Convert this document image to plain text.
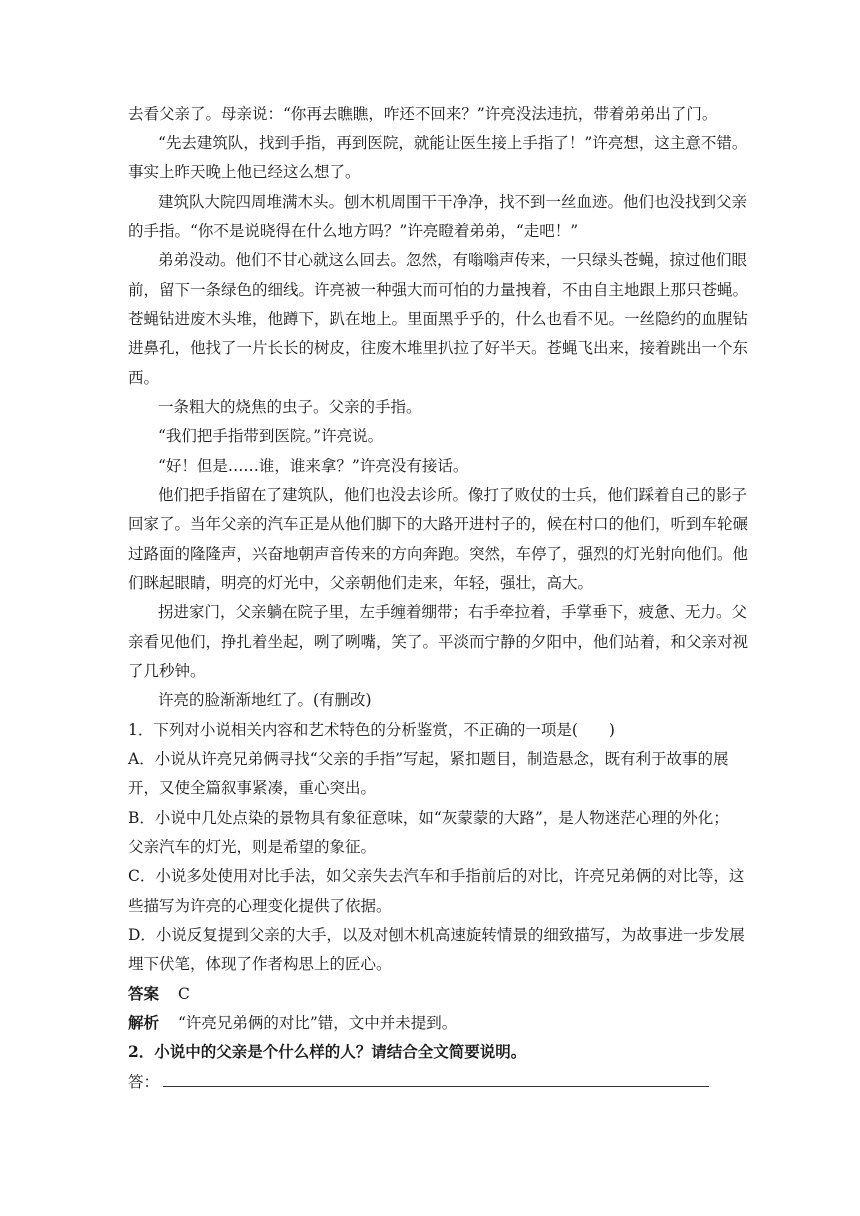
去看父亲了。母亲说：“你再去瞧瞧，咋还不回来？”许亮没法违抗，带着弟弟出了门。
“先去建筑队，找到手指，再到医院，就能让医生接上手指了！”许亮想，这主意不错。
事实上昨天晚上他已经这么想了。
建筑队大院四周堆满木头。刨木机周围干干净净，找不到一丝血迹。他们也没找到父亲
的手指。“你不是说晓得在什么地方吗？”许亮瞪着弟弟，“走吧！”
弟弟没动。他们不甘心就这么回去。忽然，有嗡嗡声传来，一只绿头苍蝇，掠过他们眼
前，留下一条绿色的细线。许亮被一种强大而可怕的力量拽着，不由自主地跟上那只苍蝇。
苍蝇钻进废木头堆，他蹲下，趴在地上。里面黑乎乎的，什么也看不见。一丝隐约的血腥钻
进鼻孔，他找了一片长长的树皮，往废木堆里扒拉了好半天。苍蝇飞出来，接着跳出一个东
西。
一条粗大的烧焦的虫子。父亲的手指。
“我们把手指带到医院。”许亮说。
“好！但是……谁，谁来拿？”许亮没有接话。
他们把手指留在了建筑队，他们也没去诊所。像打了败仗的士兵，他们踩着自己的影子
回家了。当年父亲的汽车正是从他们脚下的大路开进村子的，候在村口的他们，听到车轮碾
过路面的隆隆声，兴奋地朝声音传来的方向奔跑。突然，车停了，强烈的灯光射向他们。他
们眯起眼睛，明亮的灯光中，父亲朝他们走来，年轻，强壮，高大。
拐进家门，父亲躺在院子里，左手缠着绷带；右手牵拉着，手掌垂下，疲惫、无力。父
亲看见他们，挣扎着坐起，咧了咧嘴，笑了。平淡而宁静的夕阳中，他们站着，和父亲对视
了几秒钟。
许亮的脸渐渐地红了。(有删改)
1．下列对小说相关内容和艺术特色的分析鉴赏，不正确的一项是(　　)
A．小说从许亮兄弟俩寻找“父亲的手指”写起，紧扣题目，制造悬念，既有利于故事的展
开，又使全篇叙事紧凑，重心突出。
B．小说中几处点染的景物具有象征意味，如“灰蒙蒙的大路”，是人物迷茫心理的外化；
父亲汽车的灯光，则是希望的象征。
C．小说多处使用对比手法，如父亲失去汽车和手指前后的对比，许亮兄弟俩的对比等，这
些描写为许亮的心理变化提供了依据。
D．小说反复提到父亲的大手，以及对刨木机高速旋转情景的细致描写，为故事进一步发展
埋下伏笔，体现了作者构思上的匠心。
答案 C
解析 “许亮兄弟俩的对比”错，文中并未提到。
2．小说中的父亲是个什么样的人？请结合全文简要说明。
答：
